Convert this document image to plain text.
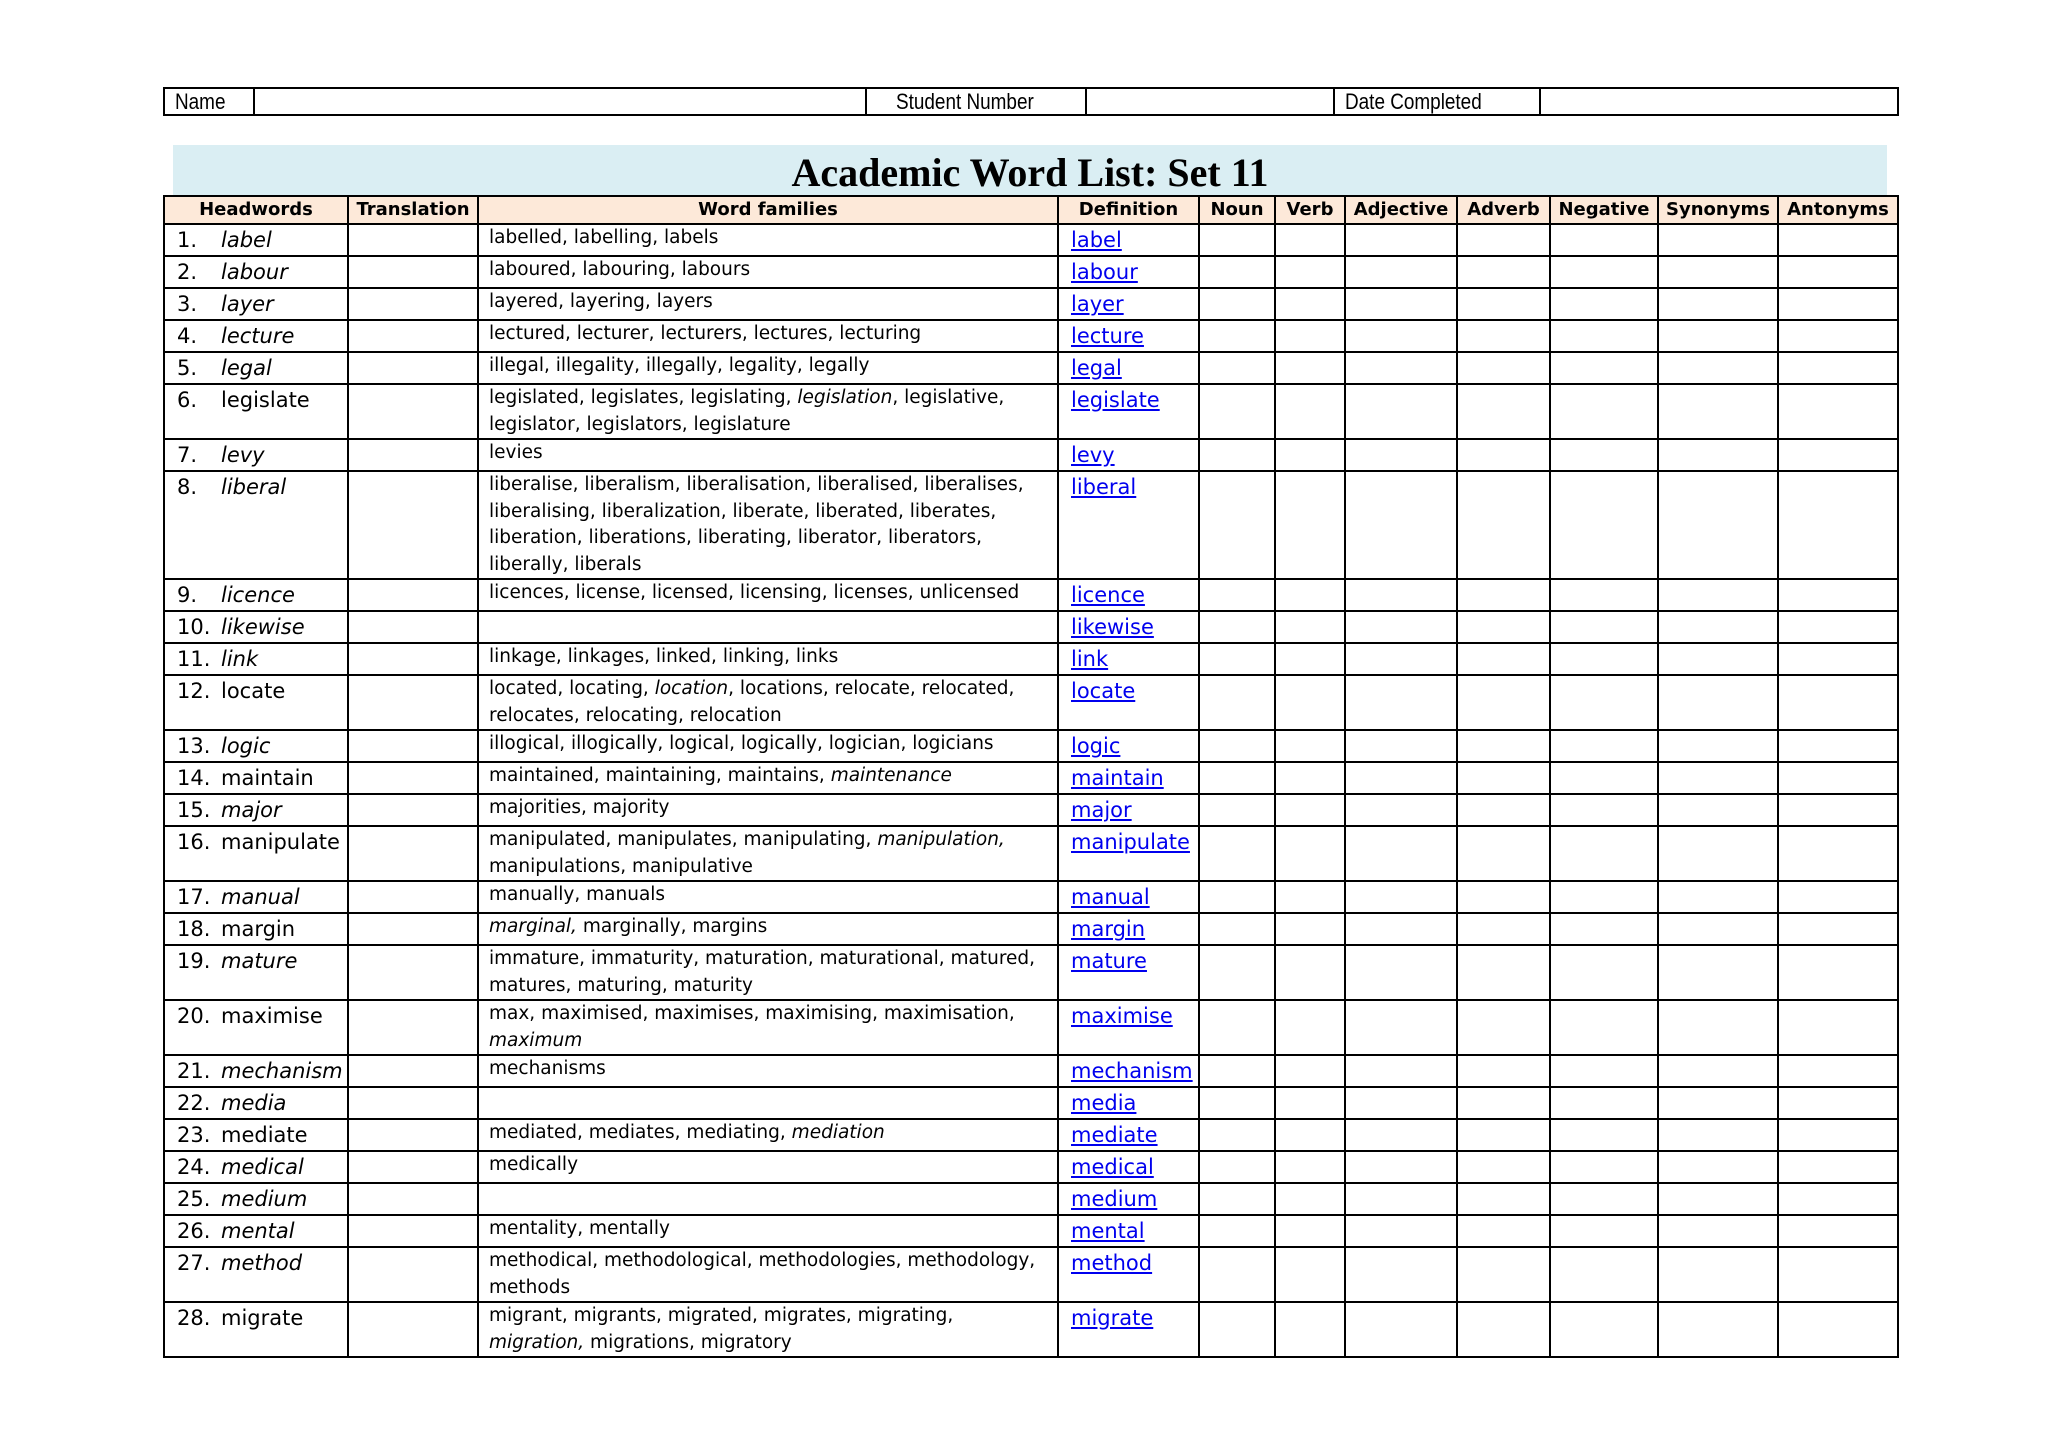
Name		Student Number		Date Completed	
Academic Word List: Set 11
Headwords	Translation	Word families	Definition	Noun	Verb	Adjective	Adverb	Negative	Synonyms	Antonyms
1. label		labelled, labelling, labels	label							
2. labour		laboured, labouring, labours	labour							
3. layer		layered, layering, layers	layer							
4. lecture		lectured, lecturer, lecturers, lectures, lecturing	lecture							
5. legal		illegal, illegality, illegally, legality, legally	legal							
6. legislate		legislated, legislates, legislating, legislation, legislative, legislator, legislators, legislature	legislate							
7. levy		levies	levy							
8. liberal		liberalise, liberalism, liberalisation, liberalised, liberalises, liberalising, liberalization, liberate, liberated, liberates, liberation, liberations, liberating, liberator, liberators, liberally, liberals	liberal							
9. licence		licences, license, licensed, licensing, licenses, unlicensed	licence							
10. likewise			likewise							
11. link		linkage, linkages, linked, linking, links	link							
12. locate		located, locating, location, locations, relocate, relocated, relocates, relocating, relocation	locate							
13. logic		illogical, illogically, logical, logically, logician, logicians	logic							
14. maintain		maintained, maintaining, maintains, maintenance	maintain							
15. major		majorities, majority	major							
16. manipulate		manipulated, manipulates, manipulating, manipulation, manipulations, manipulative	manipulate							
17. manual		manually, manuals	manual							
18. margin		marginal, marginally, margins	margin							
19. mature		immature, immaturity, maturation, maturational, matured, matures, maturing, maturity	mature							
20. maximise		max, maximised, maximises, maximising, maximisation, maximum	maximise							
21. mechanism		mechanisms	mechanism							
22. media			media							
23. mediate		mediated, mediates, mediating, mediation	mediate							
24. medical		medically	medical							
25. medium			medium							
26. mental		mentality, mentally	mental							
27. method		methodical, methodological, methodologies, methodology, methods	method							
28. migrate		migrant, migrants, migrated, migrates, migrating, migration, migrations, migratory	migrate							
